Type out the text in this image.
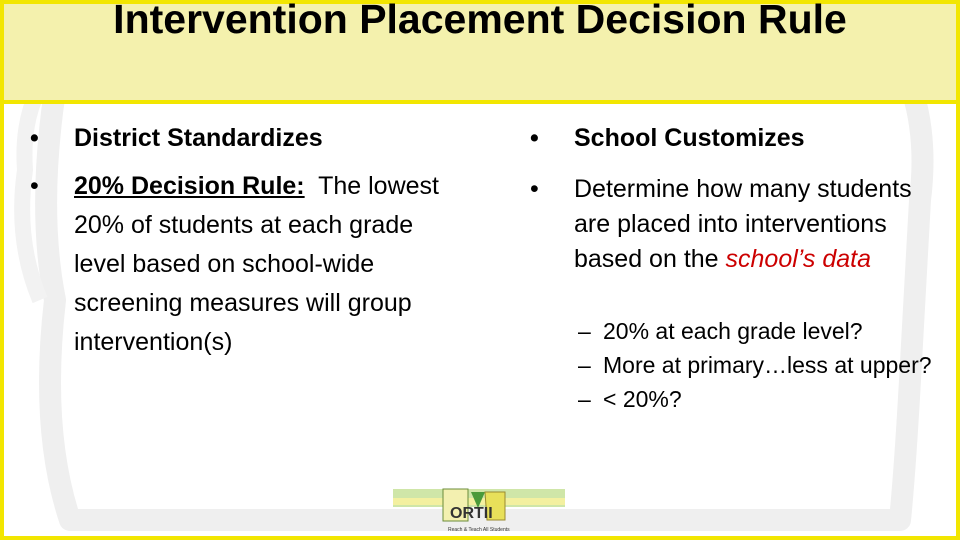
Intervention Placement Decision Rule
• District Standardizes
• 20% Decision Rule: The lowest 20% of students at each grade level based on school-wide screening measures will group intervention(s)
• School Customizes
• Determine how many students are placed into interventions based on the school’s data
– 20% at each grade level?
– More at primary…less at upper?
– < 20%?
ORTII
Reach & Teach All Students
